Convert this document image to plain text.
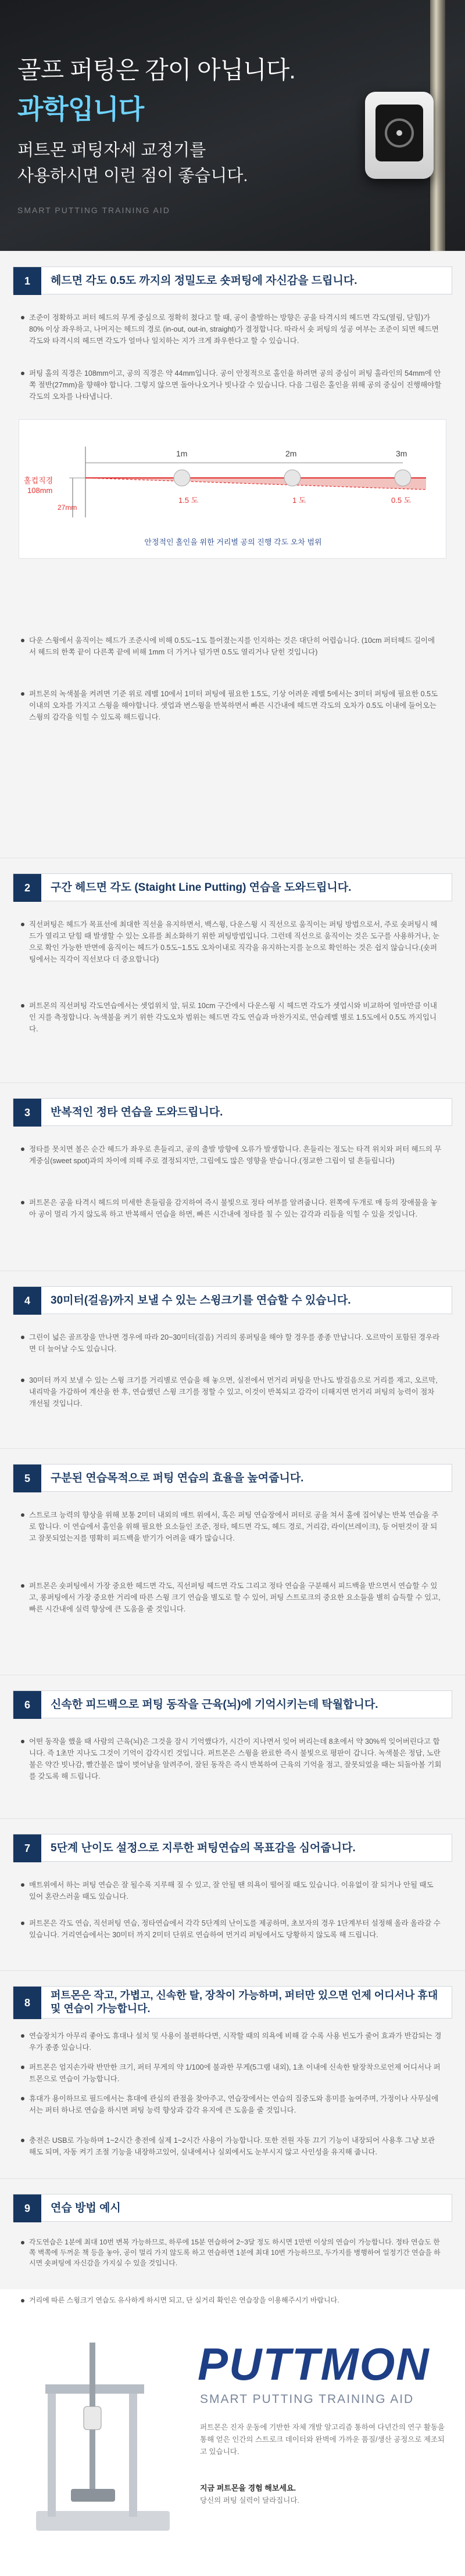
골프 퍼팅은 감이 아닙니다.
과학입니다
퍼트몬 퍼팅자세 교정기를
사용하시면 이런 점이 좋습니다.
SMART PUTTING TRAINING AID
1	헤드면 각도 0.5도 까지의 정밀도로 숏퍼팅에 자신감을 드립니다.
조준이 정확하고 퍼터 헤드의 무게 중심으로 정확히 쳤다고 할 때, 공이 출발하는 방향은 공을 타격시의 헤드면 각도(열림, 닫힘)가 80% 이상 좌우하고, 나머지는 헤드의 경로 (in-out, out-in, straight)가 결정합니다. 따라서 숏 퍼팅의 성공 여부는 조준이 되면 헤드면 각도와 타격시의 헤드면 각도가 얼마나 일치하는 지가 크게 좌우한다고 할 수 있습니다.
퍼팅 홀의 직경은 108mm이고, 공의 직경은 약 44mm입니다. 공이 안정적으로 홀인을 하려면 공의 중심이 퍼팅 홀라인의 54mm에 안쪽 절반(27mm)을 향해야 합니다. 그렇지 않으면 돌아나오거나 빗나갈 수 있습니다. 다음 그림은 홀인을 위해 공의 중심이 진행해야할 각도의 오차를 나타냅니다.
다운 스윙에서 움직이는 헤드가 조준시에 비해 0.5도~1도 틀어졌는지를 인지하는 것은 대단히 어렵습니다. (10cm 퍼터헤드 길이에서 헤드의 한쪽 끝이 다른쪽 끝에 비해 1mm 더 가거나 덜가면 0.5도 열리거나 닫힌 것입니다)
퍼트몬의 녹색불을 켜려면 기준 위로 레벨 10에서 1미터 퍼팅에 필요한 1.5도, 기상 어려운 레벨 5에서는 3미터 퍼팅에 필요한 0.5도 이내의 오차를 가지고 스윙을 해야합니다. 셋업과 변스윙을 반복하면서 빠른 시간내에 헤드면 각도의 오차가 0.5도 이내에 들어오는 스윙의 감각을 익힐 수 있도록 해드립니다.
홀컵직경
108mm
27mm
1m	2m	3m
1.5 도	1 도	0.5 도
안정적인 홀인을 위한 거리별 공의 진행 각도 오차 범위
2	구간 헤드면 각도 (Staight Line Putting) 연습을 도와드립니다.
직선퍼팅은 헤드가 목표선에 최대한 직선을 유지하면서, 백스윙, 다운스윙 시 직선으로 움직이는 퍼팅 방법으로서, 주로 숏퍼팅시 헤드가 열리고 닫힘 때 발생할 수 있는 오류를 최소화하기 위한 퍼팅방법입니다. 그런데 직선으로 움직이는 것은 도구를 사용하거나, 눈으로 확인 가능한 반면에 움직이는 헤드가 0.5도~1.5도 오차이내로 직각을 유지하는지를 눈으로 확인하는 것은 쉽지 않습니다.(숏퍼팅에서는 직각이 직선보다 더 중요합니다)
퍼트몬의 직선퍼팅 각도연습에서는 셋업위치 앞, 뒤로 10cm 구간에서 다운스윙 시 헤드면 각도가 셋업시와 비교하여 얼마만큼 이내인 지를 측정합니다. 녹색불을 켜기 위한 각도오차 범위는 헤드면 각도 연습과 마찬가지로, 연습레벨 별로 1.5도에서 0.5도 까지입니다.
3	반복적인 정타 연습을 도와드립니다.
정타를 못치면 볼은 순간 헤드가 좌우로 흔들리고, 공의 출발 방향에 오류가 발생합니다. 흔들리는 정도는 타격 위치와 퍼터 헤드의 무게중심(sweet spot)과의 차이에 의해 주로 결정되지만, 그립에도 많은 영향을 받습니다.(정교한 그립이 덜 흔들립니다)
퍼트몬은 공을 타격시 헤드의 미세한 흔들림을 감지하여 즉시 불빛으로 정타 여부를 알려줍니다. 왼쪽에 두개로 매 등의 장애물을 놓아 공이 멀리 가지 않도록 하고 반복해서 연습을 하면, 빠른 시간내에 정타를 칠 수 있는 감각과 리듬을 익힐 수 있을 것입니다.
4	30미터(걸음)까지 보낼 수 있는 스윙크기를 연습할 수 있습니다.
그린이 넓은 골프장을 만나면 경우에 따라 20~30미터(걸음) 거리의 롱퍼팅을 해야 할 경우를 종종 만납니다. 오르막이 포함된 경우라면 더 늘어날 수도 있습니다.
30미터 까지 보낼 수 있는 스윙 크기를 거리별로 연습을 해 놓으면, 실전에서 먼거리 퍼팅을 만나도 발걸음으로 거리를 재고, 오르막, 내리막을 가감하여 계산을 한 후, 연습했던 스윙 크기를 정할 수 있고, 이것이 반복되고 감각이 더해지면 먼거리 퍼팅의 능력이 점차 개선될 것입니다.
5	구분된 연습목적으로 퍼팅 연습의 효율을 높여줍니다.
스트로크 능력의 향상을 위해 보통 2미터 내외의 매트 위에서, 혹은 퍼팅 연습장에서 퍼터로 공을 쳐서 홀에 집어넣는 반복 연습을 주로 합니다. 이 연습에서 홀인을 위해 필요한 요소들인 조준, 정타, 헤드면 각도, 헤드 경로, 거리감, 라이(브레이크), 등 어떤것이 잘 되고 잘못되었는지를 명확히 피드백을 받기가 어려울 때가 많습니다.
퍼트몬은 숏퍼팅에서 가장 중요한 헤드면 각도, 직선퍼팅 헤드면 각도 그리고 정타 연습을 구분해서 피드백을 받으면서 연습할 수 있고, 롱퍼팅에서 가장 중요한 거리에 따른 스윙 크기 연습을 별도로 할 수 있어, 퍼팅 스트로크의 중요한 요소들을 별히 습득할 수 있고, 빠른 시간내에 실력 향상에 큰 도움을 줄 것입니다.
6	신속한 피드백으로 퍼팅 동작을 근육(뇌)에 기억시키는데 탁월합니다.
어떤 동작을 했을 때 사람의 근육(뇌)은 그것을 잠시 기억했다가, 시간이 지나면서 잊어 버리는데 8초에서 약 30%씩 잊어버린다고 합니다. 즉 1초만 지나도 그것이 기억이 감각시킨 것입니다. 퍼트몬은 스윙을 완료한 즉시 불빛으로 평판이 갑니다. 녹색불은 정답, 노란불은 약간 빗나감, 빨간불은 많이 벗어남을 알려주어, 잘된 동작은 즉시 반복하여 근육의 기억을 점고, 잘못되었을 때는 되돌아볼 기회를 갖도록 해 드립니다.
7	5단계 난이도 설정으로 지루한 퍼팅연습의 목표감을 심어줍니다.
매트위에서 하는 퍼팅 연습은 잘 될수록 지루해 질 수 있고, 잘 안될 땐 의욕이 떨어질 때도 있습니다. 이유없이 잘 되거나 안될 때도 있어 혼란스러울 때도 있습니다.
퍼트몬은 각도 연습, 직선퍼팅 연습, 정타연습에서 각각 5단계의 난이도를 제공하며, 초보자의 경우 1단계부터 설정해 올라 올라갈 수 있습니다. 거리연습에서는 30미터 까지 2미터 단위로 연습하여 먼거리 퍼팅에서도 당황하지 않도록 해 드립니다.
8
퍼트몬은 작고, 가볍고, 신속한 탈, 장착이 가능하며, 퍼터만 있으면 언제 어디서나 휴대 및 연습이 가능합니다.
연습장치가 아무리 좋아도 휴대나 설치 및 사용이 불편하다면, 시작할 때의 의욕에 비해 갈 수록 사용 빈도가 줄어 효과가 반감되는 경우가 종종 있습니다.
퍼트몬은 엄지손가락 반만한 크기, 퍼터 무게의 약 1/100에 불과한 무게(5그램 내외), 1초 이내에 신속한 탈장착으로언제 어디서나 퍼트몬으로 연습이 가능합니다.
휴대가 용이하므로 필드에서는 휴대에 관심의 관점을 찾아주고, 연습장에서는 연습의 집중도와 흥미를 높여주며, 가정이나 사무실에서는 퍼터 하나로 연습을 하시면 퍼팅 능력 향상과 감각 유지에 큰 도움을 줄 것입니다.
충전은 USB로 가능하며 1~2시간 충전에 실제 1~2시간 사용이 가능합니다. 또한 전원 자동 끄기 기능이 내장되어 사용후 그냥 보관해도 되며, 자동 켜기 조절 기능을 내장하고있어, 실내에서나 실외에서도 눈부시지 않고 사인성을 유지해 줍니다.
9	연습 방법 예시
각도연습은 1분에 최대 10번 변복 가능하므로, 하루에 15분 연습하여 2~3달 정도 하시면 1만번 이상의 연습이 가능합니다. 정타 연습도 한쪽 벽쪽에 두꺼운 책 등을 놓아, 공이 멀리 가지 않도록 하고 연습하면 1분에 최대 10번 가능하므로, 두가지를 병행하여 일정기간 연습을 하시면 숏퍼팅에 자신감을 가지실 수 있을 것입니다.
거리에 따른 스윙크기 연습도 유사하게 하시면 되고, 단 실거리 확인은 연습장을 이용해주시기 바랍니다.
PUTTMON
SMART PUTTING TRAINING AID
퍼트몬은 진자 운동에 기반한 자체 개발 알고리즘 통하여 다년간의 연구 활동을 통해 얻은 인간의 스트로크 데이터와 완벽에 가까운 품질/생산 공정으로 제조되고 있습니다.
지금 퍼트몬을 경험 해보세요.
당신의 퍼팅 실력이 달라집니다.
